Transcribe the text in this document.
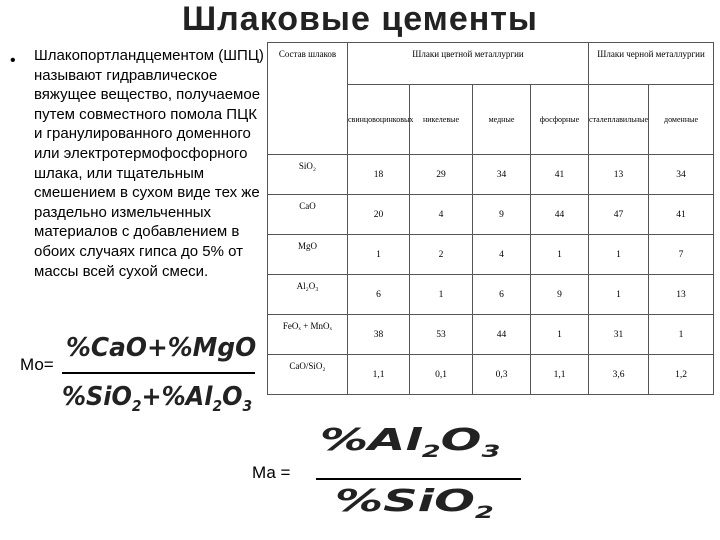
Шлаковые цементы
• Шлакопортландцементом (ШПЦ) называют гидравлическое вяжущее вещество, получаемое путем совместного помола ПЦК и гранулированного доменного или электротермофосфорного шлака, или тщательным смешением в сухом виде тех же раздельно измельченных материалов с добавлением в обоих случаях гипса до 5% от массы всей сухой смеси.
Мо=
%CaO+%MgO
$\%SiO_2+\%Al_2O_3$
Ма =
$\%Al_2O_3$
%SiO$_2$
Состав шлаков	Шлаки цветной металлургии				Шлаки черной металлургии	
	свинцовоцинковых	никелевые	медные	фосфорные	сталеплавильные	доменные
SiO₂	18	29	34	41	13	34
CaO	20	4	9	44	47	41
MgO	1	2	4	1	1	7
Al₂O₃	6	1	6	9	1	13
FeOₓ + MnOₓ	38	53	44	1	31	1
CaO/SiO₂	1,1	0,1	0,3	1,1	3,6	1,2
